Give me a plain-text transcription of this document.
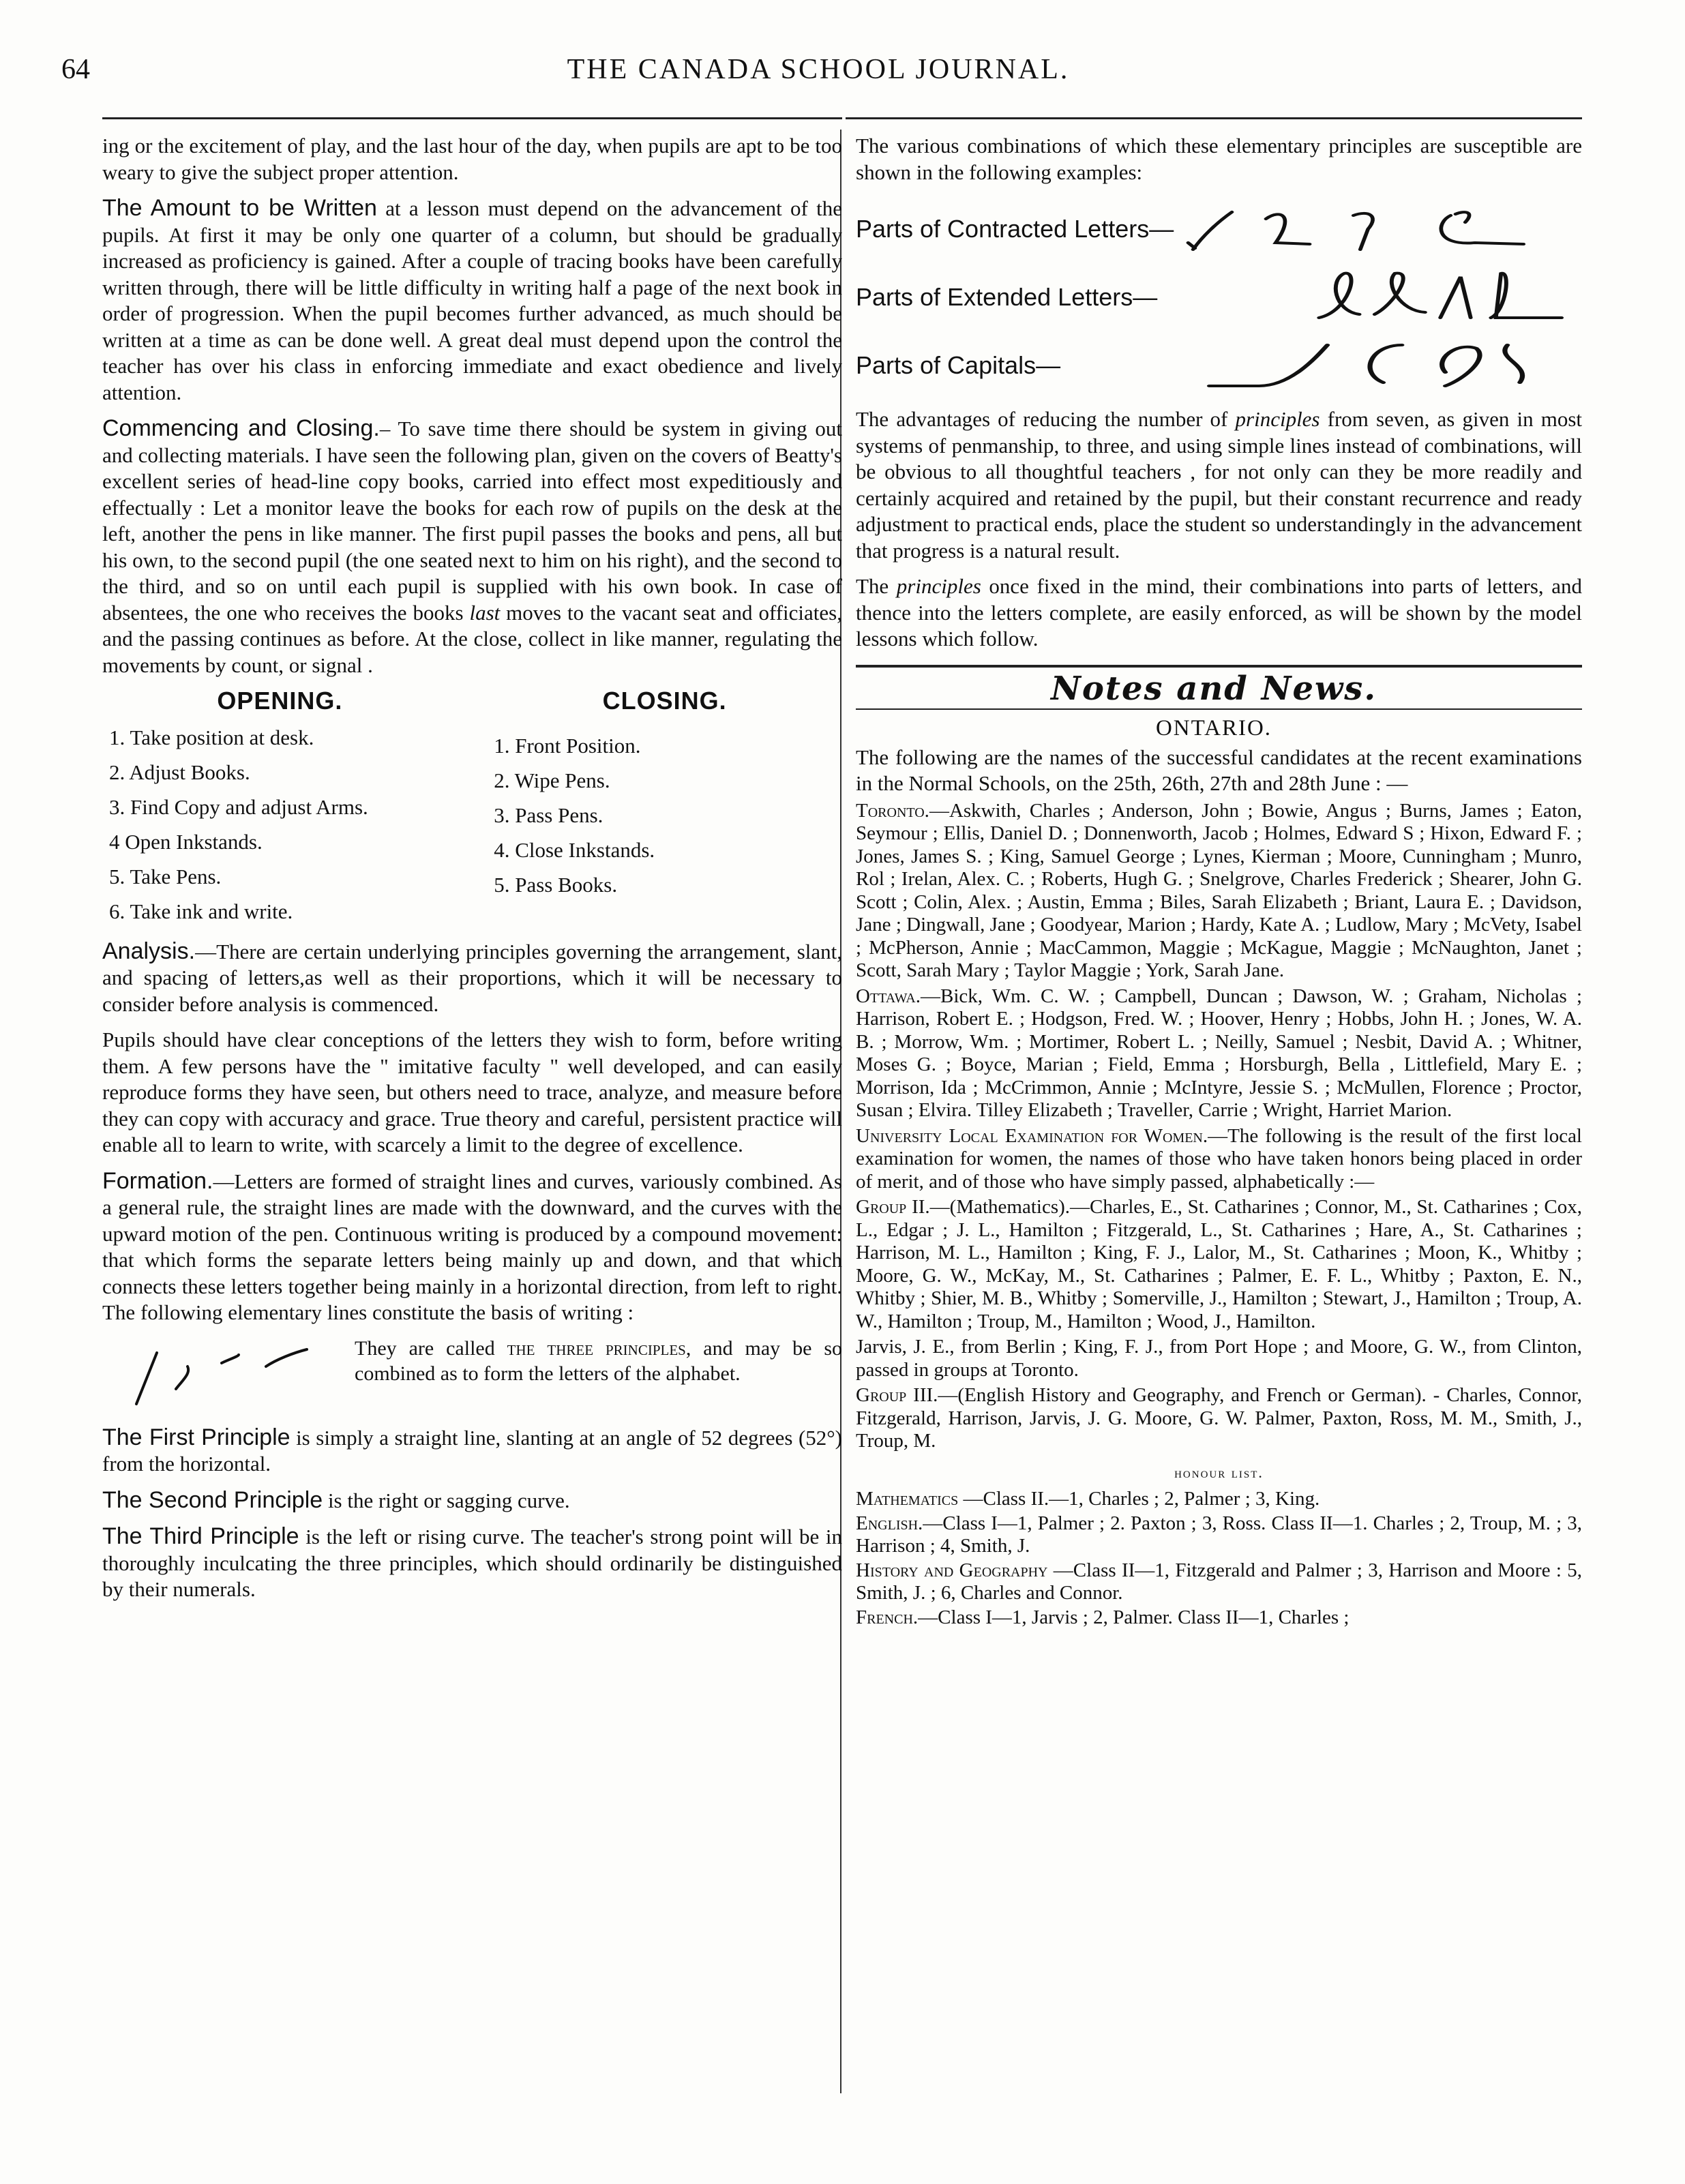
64	THE CANADA SCHOOL JOURNAL.

ing or the excitement of play, and the last hour of the day, when pupils are apt to be too weary to give the subject proper attention.

The Amount to be Written at a lesson must depend on the advancement of the pupils. At first it may be only one quarter of a column, but should be gradually increased as proficiency is gained. After a couple of tracing books have been carefully written through, there will be little difficulty in writing half a page of the next book in order of progression. When the pupil becomes further advanced, as much should be written at a time as can be done well. A great deal must depend upon the control the teacher has over his class in enforcing immediate and exact obedience and lively attention.

Commencing and Closing.– To save time there should be system in giving out and collecting materials. I have seen the following plan, given on the covers of Beatty's excellent series of head-line copy books, carried into effect most expeditiously and effectually : Let a monitor leave the books for each row of pupils on the desk at the left, another the pens in like manner. The first pupil passes the books and pens, all but his own, to the second pupil (the one seated next to him on his right), and the second to the third, and so on until each pupil is supplied with his own book. In case of absentees, the one who receives the books last moves to the vacant seat and officiates, and the passing continues as before. At the close, collect in like manner, regulating the movements by count, or signal .

OPENING.
1. Take position at desk.
2. Adjust Books.
3. Find Copy and adjust Arms.
4 Open Inkstands.
5. Take Pens.
6. Take ink and write.
CLOSING.
1. Front Position.
2. Wipe Pens.
3. Pass Pens.
4. Close Inkstands.
5. Pass Books.

Analysis.—There are certain underlying principles governing the arrangement, slant, and spacing of letters,as well as their proportions, which it will be necessary to consider before analysis is commenced.

Pupils should have clear conceptions of the letters they wish to form, before writing them. A few persons have the " imitative faculty " well developed, and can easily reproduce forms they have seen, but others need to trace, analyze, and measure before they can copy with accuracy and grace. True theory and careful, persistent practice will enable all to learn to write, with scarcely a limit to the degree of excellence.

Formation.—Letters are formed of straight lines and curves, variously combined. As a general rule, the straight lines are made with the downward, and the curves with the upward motion of the pen. Continuous writing is produced by a compound movement: that which forms the separate letters being mainly up and down, and that which connects these letters together being mainly in a horizontal direction, from left to right. The following elementary lines constitute the basis of writing :

They are called the three principles, and may be so combined as to form the letters of the alphabet.

The First Principle is simply a straight line, slanting at an angle of 52 degrees (52°) from the horizontal.

The Second Principle is the right or sagging curve.

The Third Principle is the left or rising curve. The teacher's strong point will be in thoroughly inculcating the three principles, which should ordinarily be distinguished by their numerals.

The various combinations of which these elementary principles are susceptible are shown in the following examples:

Parts of Contracted Letters—
Parts of Extended Letters—
Parts of Capitals—

The advantages of reducing the number of principles from seven, as given in most systems of penmanship, to three, and using simple lines instead of combinations, will be obvious to all thoughtful teachers , for not only can they be more readily and certainly acquired and retained by the pupil, but their constant recurrence and ready adjustment to practical ends, place the student so understandingly in the advancement that progress is a natural result.

The principles once fixed in the mind, their combinations into parts of letters, and thence into the letters complete, are easily enforced, as will be shown by the model lessons which follow.

Notes and News.
ONTARIO.

The following are the names of the successful candidates at the recent examinations in the Normal Schools, on the 25th, 26th, 27th and 28th June : —

Toronto.—Askwith, Charles ; Anderson, John ; Bowie, Angus ; Burns, James ; Eaton, Seymour ; Ellis, Daniel D. ; Donnenworth, Jacob ; Holmes, Edward S ; Hixon, Edward F. ; Jones, James S. ; King, Samuel George ; Lynes, Kierman ; Moore, Cunningham ; Munro, Rol ; Irelan, Alex. C. ; Roberts, Hugh G. ; Snelgrove, Charles Frederick ; Shearer, John G. Scott ; Colin, Alex. ; Austin, Emma ; Biles, Sarah Elizabeth ; Briant, Laura E. ; Davidson, Jane ; Dingwall, Jane ; Goodyear, Marion ; Hardy, Kate A. ; Ludlow, Mary ; McVety, Isabel ; McPherson, Annie ; MacCammon, Maggie ; McKague, Maggie ; McNaughton, Janet ; Scott, Sarah Mary ; Taylor Maggie ; York, Sarah Jane.

Ottawa.—Bick, Wm. C. W. ; Campbell, Duncan ; Dawson, W. ; Graham, Nicholas ; Harrison, Robert E. ; Hodgson, Fred. W. ; Hoover, Henry ; Hobbs, John H. ; Jones, W. A. B. ; Morrow, Wm. ; Mortimer, Robert L. ; Neilly, Samuel ; Nesbit, David A. ; Whitner, Moses G. ; Boyce, Marian ; Field, Emma ; Horsburgh, Bella , Littlefield, Mary E. ; Morrison, Ida ; McCrimmon, Annie ; McIntyre, Jessie S. ; McMullen, Florence ; Proctor, Susan ; Elvira. Tilley Elizabeth ; Traveller, Carrie ; Wright, Harriet Marion.

University Local Examination for Women.—The following is the result of the first local examination for women, the names of those who have taken honors being placed in order of merit, and of those who have simply passed, alphabetically :—

Group II.—(Mathematics).—Charles, E., St. Catharines ; Connor, M., St. Catharines ; Cox, L., Edgar ; J. L., Hamilton ; Fitzgerald, L., St. Catharines ; Hare, A., St. Catharines ; Harrison, M. L., Hamilton ; King, F. J., Lalor, M., St. Catharines ; Moon, K., Whitby ; Moore, G. W., McKay, M., St. Catharines ; Palmer, E. F. L., Whitby ; Paxton, E. N., Whitby ; Shier, M. B., Whitby ; Somerville, J., Hamilton ; Stewart, J., Hamilton ; Troup, A. W., Hamilton ; Troup, M., Hamilton ; Wood, J., Hamilton.

Jarvis, J. E., from Berlin ; King, F. J., from Port Hope ; and Moore, G. W., from Clinton, passed in groups at Toronto.

Group III.—(English History and Geography, and French or German). - Charles, Connor, Fitzgerald, Harrison, Jarvis, J. G. Moore, G. W. Palmer, Paxton, Ross, M. M., Smith, J., Troup, M.

honour list.

Mathematics —Class II.—1, Charles ; 2, Palmer ; 3, King.

English.—Class I—1, Palmer ; 2. Paxton ; 3, Ross. Class II—1. Charles ; 2, Troup, M. ; 3, Harrison ; 4, Smith, J.

History and Geography —Class II—1, Fitzgerald and Palmer ; 3, Harrison and Moore : 5, Smith, J. ; 6, Charles and Connor.

French.—Class I—1, Jarvis ; 2, Palmer. Class II—1, Charles ;
